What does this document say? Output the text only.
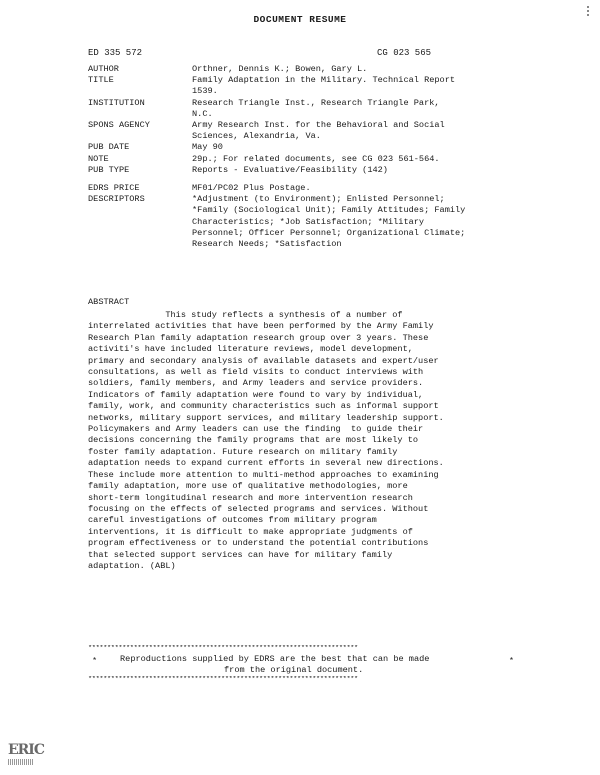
DOCUMENT RESUME
ED 335 572	CG 023 565
AUTHOR	Orthner, Dennis K.; Bowen, Gary L.
TITLE	Family Adaptation in the Military. Technical Report
1539.
INSTITUTION	Research Triangle Inst., Research Triangle Park,
N.C.
SPONS AGENCY	Army Research Inst. for the Behavioral and Social
Sciences, Alexandria, Va.
PUB DATE	May 90
NOTE	29p.; For related documents, see CG 023 561-564.
PUB TYPE	Reports - Evaluative/Feasibility (142)
EDRS PRICE	MF01/PC02 Plus Postage.
DESCRIPTORS	*Adjustment (to Environment); Enlisted Personnel;
*Family (Sociological Unit); Family Attitudes; Family
Characteristics; *Job Satisfaction; *Military
Personnel; Officer Personnel; Organizational Climate;
Research Needs; *Satisfaction
ABSTRACT
This study reflects a synthesis of a number of
interrelated activities that have been performed by the Army Family
Research Plan family adaptation research group over 3 years. These
activiti's have included literature reviews, model development,
primary and secondary analysis of available datasets and expert/user
consultations, as well as field visits to conduct interviews with
soldiers, family members, and Army leaders and service providers.
Indicators of family adaptation were found to vary by individual,
family, work, and community characteristics such as informal support
networks, military support services, and military leadership support.
Policymakers and Army leaders can use the finding  to guide their
decisions concerning the family programs that are most likely to
foster family adaptation. Future research on military family
adaptation needs to expand current efforts in several new directions.
These include more attention to multi-method approaches to examining
family adaptation, more use of qualitative methodologies, more
short-term longitudinal research and more intervention research
focusing on the effects of selected programs and services. Without
careful investigations of outcomes from military program
interventions, it is difficult to make appropriate judgments of
program effectiveness or to understand the potential contributions
that selected support services can have for military family
adaptation. (ABL)
***********************************************************************
*	Reproductions supplied by EDRS are the best that can be made
from the original document.
*
***********************************************************************
ERIC
